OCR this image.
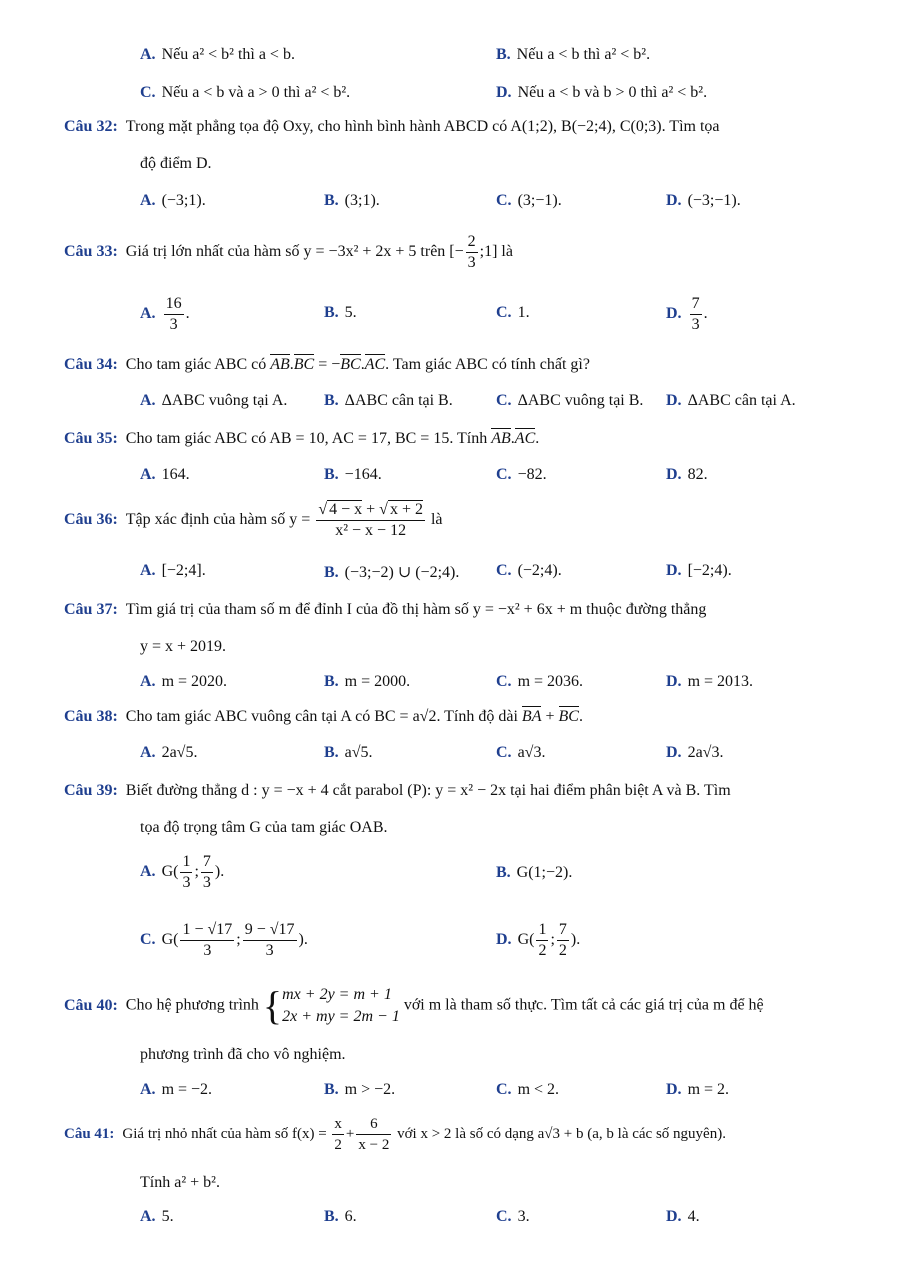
A. Nếu a² < b² thì a < b.	B. Nếu a < b thì a² < b².
C. Nếu a < b và a > 0 thì a² < b².	D. Nếu a < b và b > 0 thì a² < b².
Câu 32: Trong mặt phẳng tọa độ Oxy, cho hình bình hành ABCD có A(1;2), B(−2;4), C(0;3). Tìm tọa
độ điểm D.
A. (−3;1).	B. (3;1).	C. (3;−1).	D. (−3;−1).
Câu 33: Giá trị lớn nhất của hàm số y = −3x² + 2x + 5 trên [− $\frac{2}{3}$ ;1] là
A. $\frac{16}{3}$ .	B. 5.	C. 1.	D. $\frac{7}{3}$ .
Câu 34: Cho tam giác ABC có AB.BC = −BC.AC. Tam giác ABC có tính chất gì?
A. ΔABC vuông tại A. B. ΔABC cân tại B.	C. ΔABC vuông tại B. D. ΔABC cân tại A.
Câu 35: Cho tam giác ABC có AB = 10, AC = 17, BC = 15. Tính AB.AC.
A. 164.	B. −164.	C. −82.	D. 82.
Câu 36: Tập xác định của hàm số $y = \frac{√ 4 - x + √ x + 2}{\text{x² − x − 12}}$ là
A. [−2;4].	B. (−3;−2) ∪ (−2;4). C. (−2;4).	D. [−2;4).
Câu 37: Tìm giá trị của tham số m để đỉnh I của đồ thị hàm số y = −x² + 6x + m thuộc đường thẳng
y = x + 2019.
A. m = 2020.	B. m = 2000.	C. m = 2036.	D. m = 2013.
Câu 38: Cho tam giác ABC vuông cân tại A có BC = a√2. Tính độ dài BA + BC.
A. 2a√5.	B. a√5.	C. a√3.	D. 2a√3.
Câu 39: Biết đường thẳng d : y = −x + 4 cắt parabol (P): y = x² − 2x tại hai điểm phân biệt A và B. Tìm
tọa độ trọng tâm G của tam giác OAB.
A. $G( \frac{1}{3}$ ; $\frac{7}{3}$ ).	B. G(1;−2).
C. $G( \frac{1 - √17}{3}$ ; $\frac{9 - √17}{3}$ ).	D. $G( \frac{1}{2}$ ; $\frac{7}{2}$ ).
Câu 40: Cho hệ phương trình { mx + 2y = m + 1
2x + my = 2m − 1
với m là tham số thực. Tìm tất cả các giá trị của m để hệ
phương trình đã cho vô nghiệm.
A. m = −2.	B. m > −2.	C. m < 2.	D. m = 2.
Câu 41: Giá trị nhỏ nhất của hàm số $f(x) = \frac{x}{2} + \frac{6}{x - 2}$ với x > 2 là số có dạng a√3 + b (a, b là các số nguyên).
Tính a² + b².
A. 5.	B. 6.	C. 3.	D. 4.
